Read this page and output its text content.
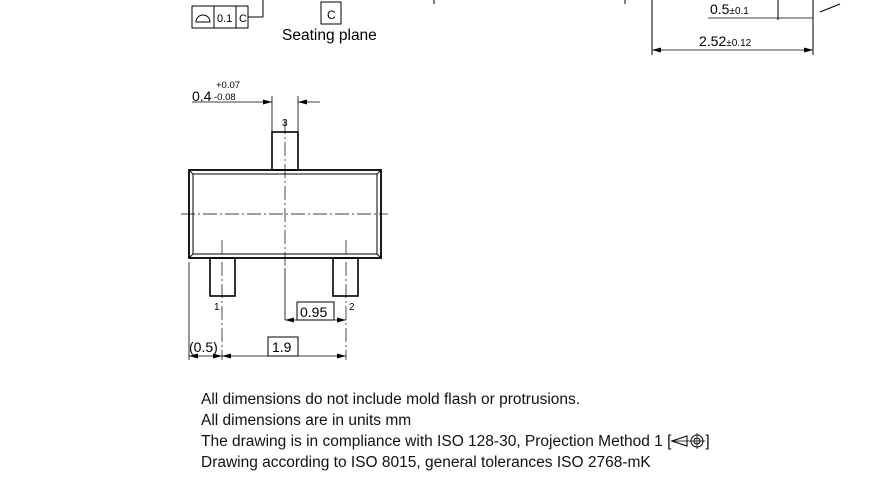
0.1 C	C
Seating plane
0.5±0.1
2.52±0.12
0.4
+0.07
-0.08
3
1	2
0.95
(0.5)	1.9
All dimensions do not include mold flash or protrusions.
All dimensions are in units mm
The drawing is in compliance with ISO 128-30, Projection Method 1 [ ]
Drawing according to ISO 8015, general tolerances ISO 2768-mK
